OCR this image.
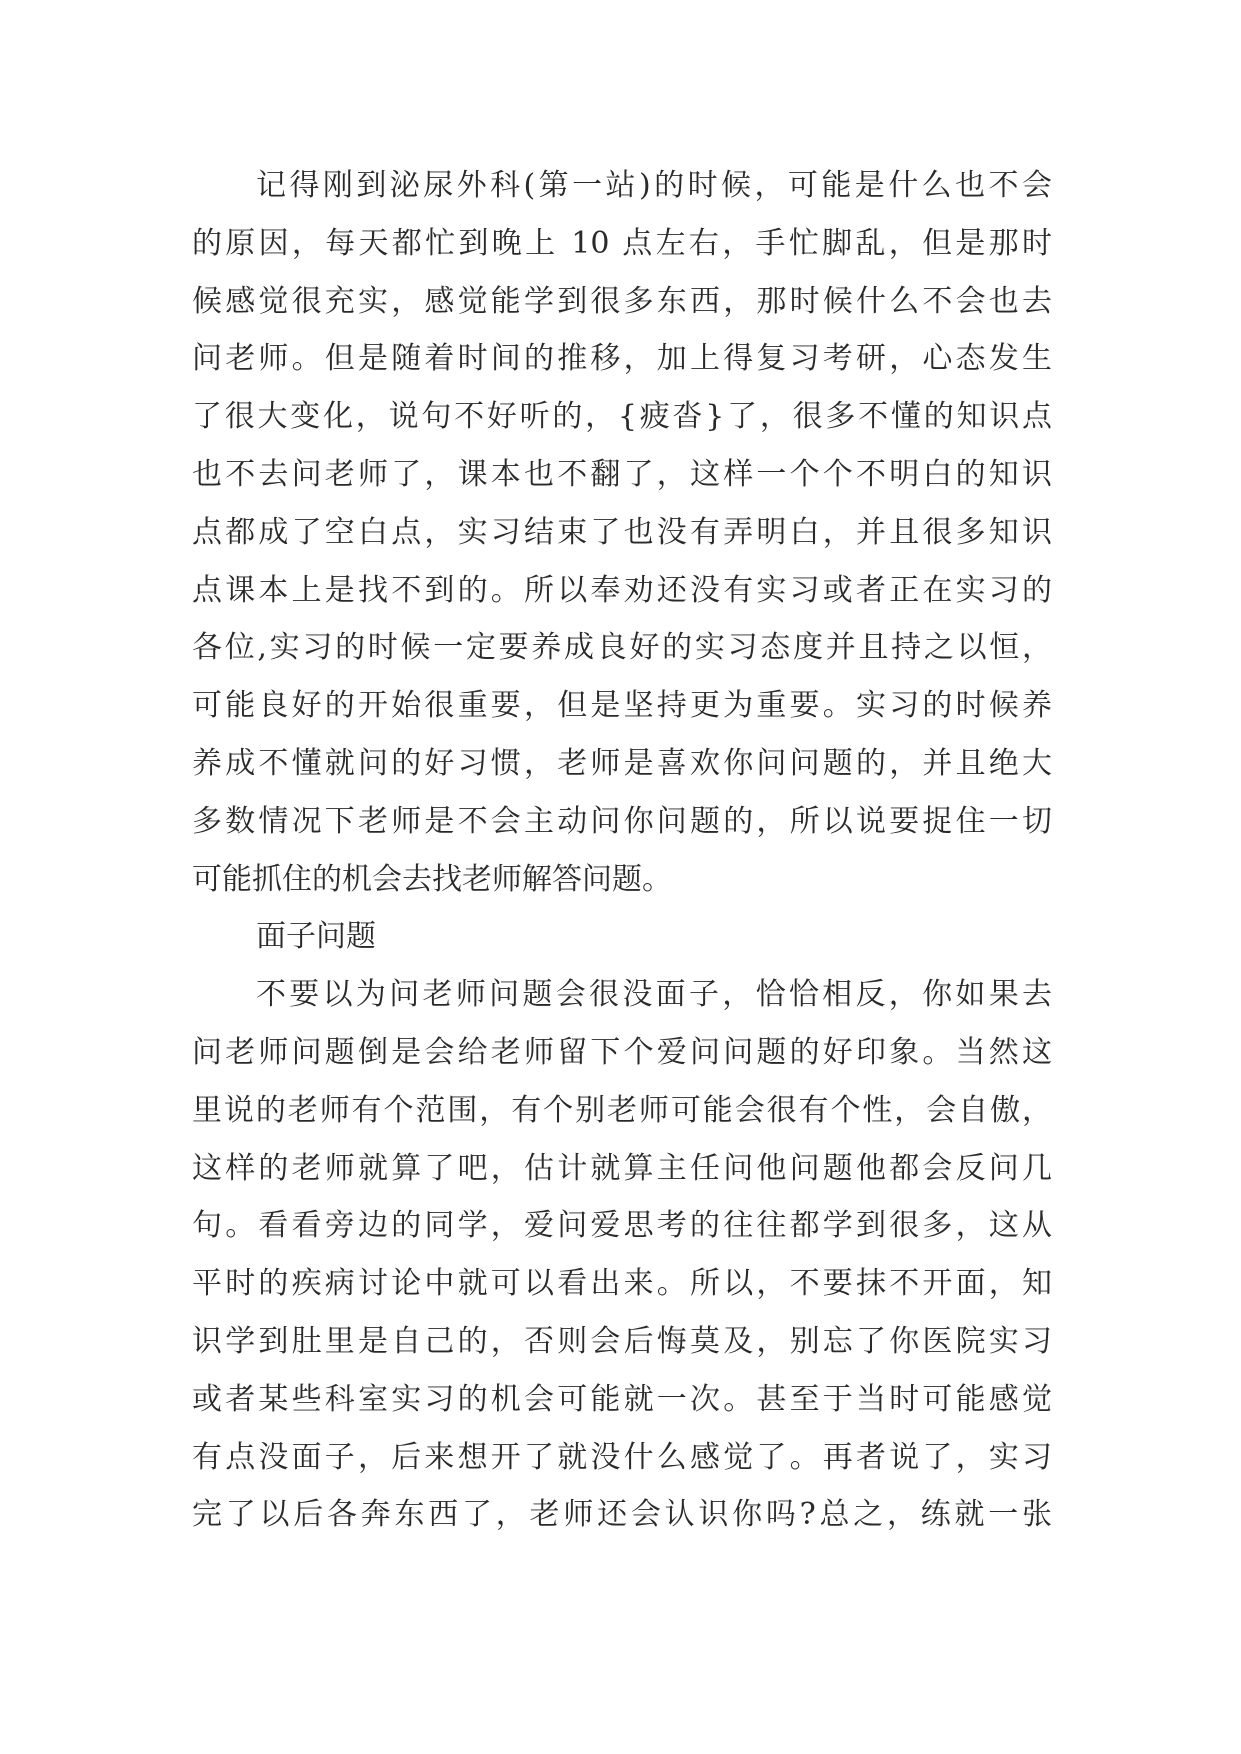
记得刚到泌尿外科(第一站)的时候，可能是什么也不会
的原因，每天都忙到晚上 10 点左右，手忙脚乱，但是那时
候感觉很充实，感觉能学到很多东西，那时候什么不会也去
问老师。但是随着时间的推移，加上得复习考研，心态发生
了很大变化，说句不好听的，{疲沓}了，很多不懂的知识点
也不去问老师了，课本也不翻了，这样一个个不明白的知识
点都成了空白点，实习结束了也没有弄明白，并且很多知识
点课本上是找不到的。所以奉劝还没有实习或者正在实习的
各位,实习的时候一定要养成良好的实习态度并且持之以恒，
可能良好的开始很重要，但是坚持更为重要。实习的时候养
养成不懂就问的好习惯，老师是喜欢你问问题的，并且绝大
多数情况下老师是不会主动问你问题的，所以说要捉住一切
可能抓住的机会去找老师解答问题。
面子问题
不要以为问老师问题会很没面子，恰恰相反，你如果去
问老师问题倒是会给老师留下个爱问问题的好印象。当然这
里说的老师有个范围，有个别老师可能会很有个性，会自傲，
这样的老师就算了吧，估计就算主任问他问题他都会反问几
句。看看旁边的同学，爱问爱思考的往往都学到很多，这从
平时的疾病讨论中就可以看出来。所以，不要抹不开面，知
识学到肚里是自己的，否则会后悔莫及，别忘了你医院实习
或者某些科室实习的机会可能就一次。甚至于当时可能感觉
有点没面子，后来想开了就没什么感觉了。再者说了，实习
完了以后各奔东西了，老师还会认识你吗?总之，练就一张
